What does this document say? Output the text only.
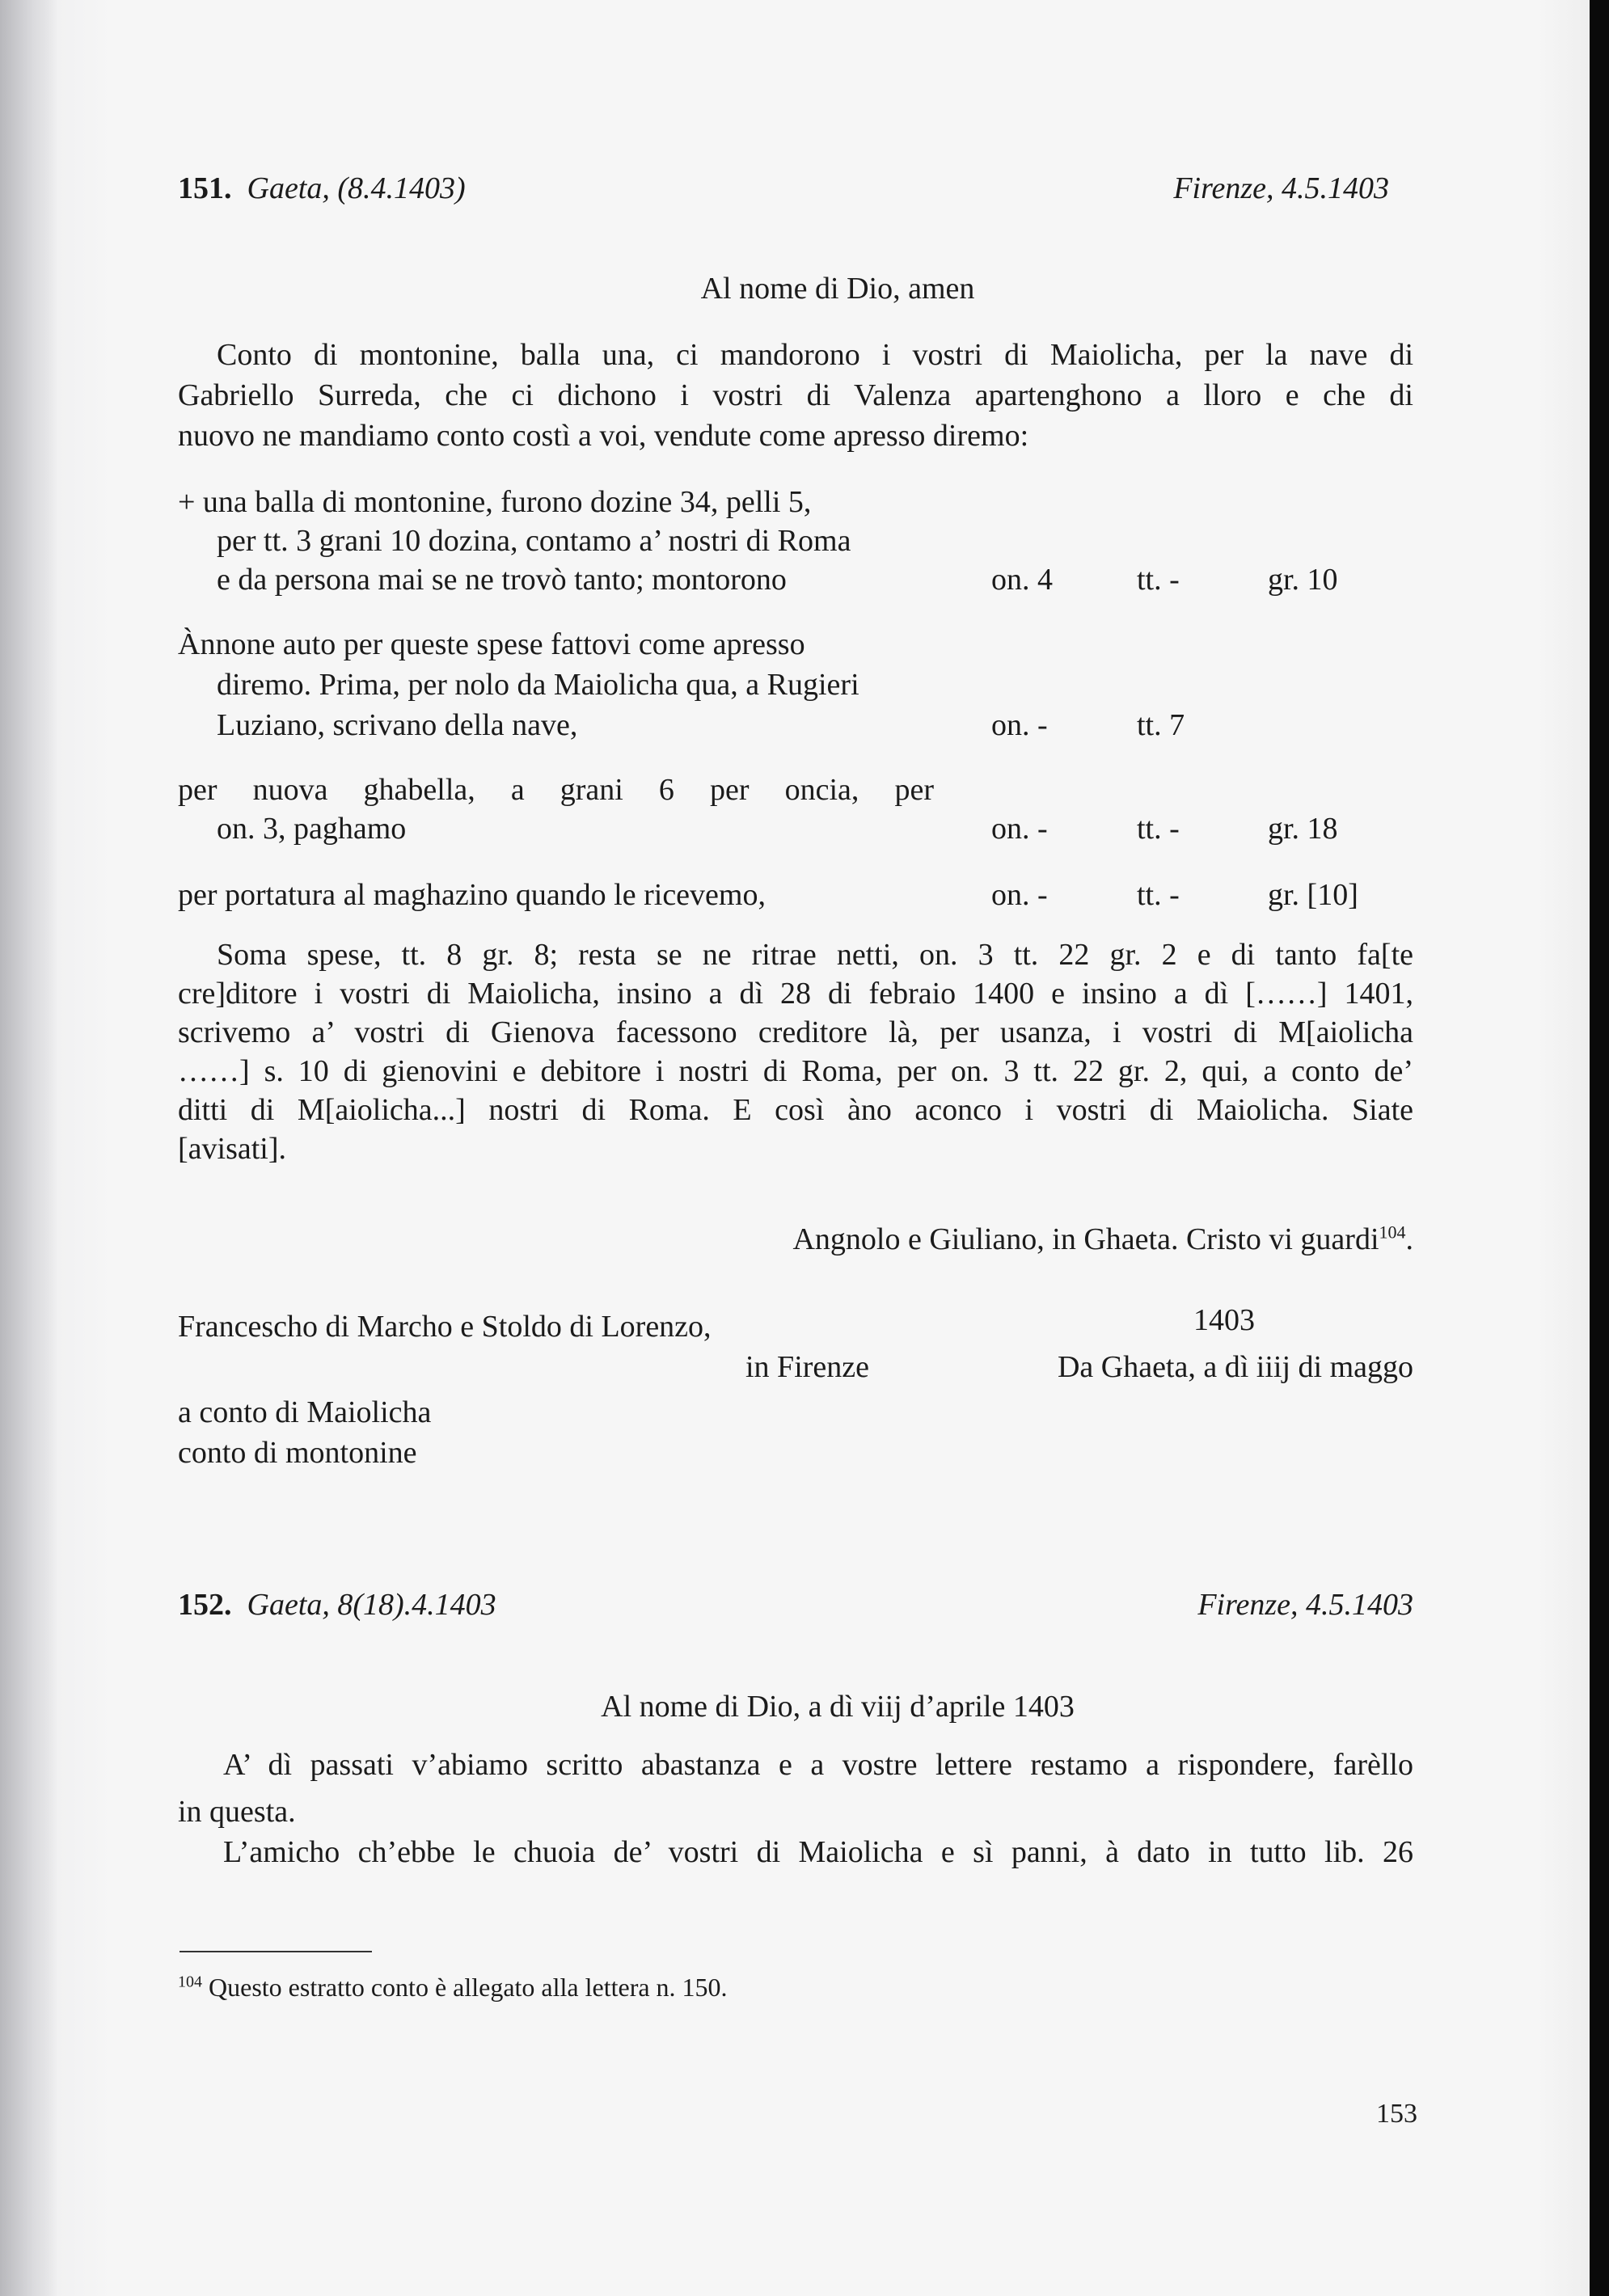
151. Gaeta, (8.4.1403)	Firenze, 4.5.1403
Al nome di Dio, amen
Conto di montonine, balla una, ci mandorono i vostri di Maiolicha, per la nave di
Gabriello Surreda, che ci dichono i vostri di Valenza apartenghono a lloro e che di
nuovo ne mandiamo conto costì a voi, vendute come apresso diremo:
+ una balla di montonine, furono dozine 34, pelli 5,
per tt. 3 grani 10 dozina, contamo a’ nostri di Roma
e da persona mai se ne trovò tanto; montorono	on. 4	tt. -	gr. 10
Ànnone auto per queste spese fattovi come apresso
diremo. Prima, per nolo da Maiolicha qua, a Rugieri
Luziano, scrivano della nave,	on. -	tt. 7
per nuova ghabella, a grani 6 per oncia, per
on. 3, paghamo	on. -	tt. -	gr. 18
per portatura al maghazino quando le ricevemo,	on. -	tt. -	gr. [10]
Soma spese, tt. 8 gr. 8; resta se ne ritrae netti, on. 3 tt. 22 gr. 2 e di tanto fa[te
cre]ditore i vostri di Maiolicha, insino a dì 28 di febraio 1400 e insino a dì [……] 1401,
scrivemo a’ vostri di Gienova facessono creditore là, per usanza, i vostri di M[aiolicha
……] s. 10 di gienovini e debitore i nostri di Roma, per on. 3 tt. 22 gr. 2, qui, a conto de’
ditti di M[aiolicha...] nostri di Roma. E così àno aconco i vostri di Maiolicha. Siate
[avisati].
Angnolo e Giuliano, in Ghaeta. Cristo vi guardi$^{104}$.
Francescho di Marcho e Stoldo di Lorenzo,	1403
in Firenze	Da Ghaeta, a dì iiij di maggo
a conto di Maiolicha
conto di montonine
152. Gaeta, 8(18).4.1403	Firenze, 4.5.1403
Al nome di Dio, a dì viij d’aprile 1403
A’ dì passati v’abiamo scritto abastanza e a vostre lettere restamo a rispondere, farèllo
in questa.
L’amicho ch’ebbe le chuoia de’ vostri di Maiolicha e sì panni, à dato in tutto lib. 26
$^{104}$ Questo estratto conto è allegato alla lettera n. 150.
153
